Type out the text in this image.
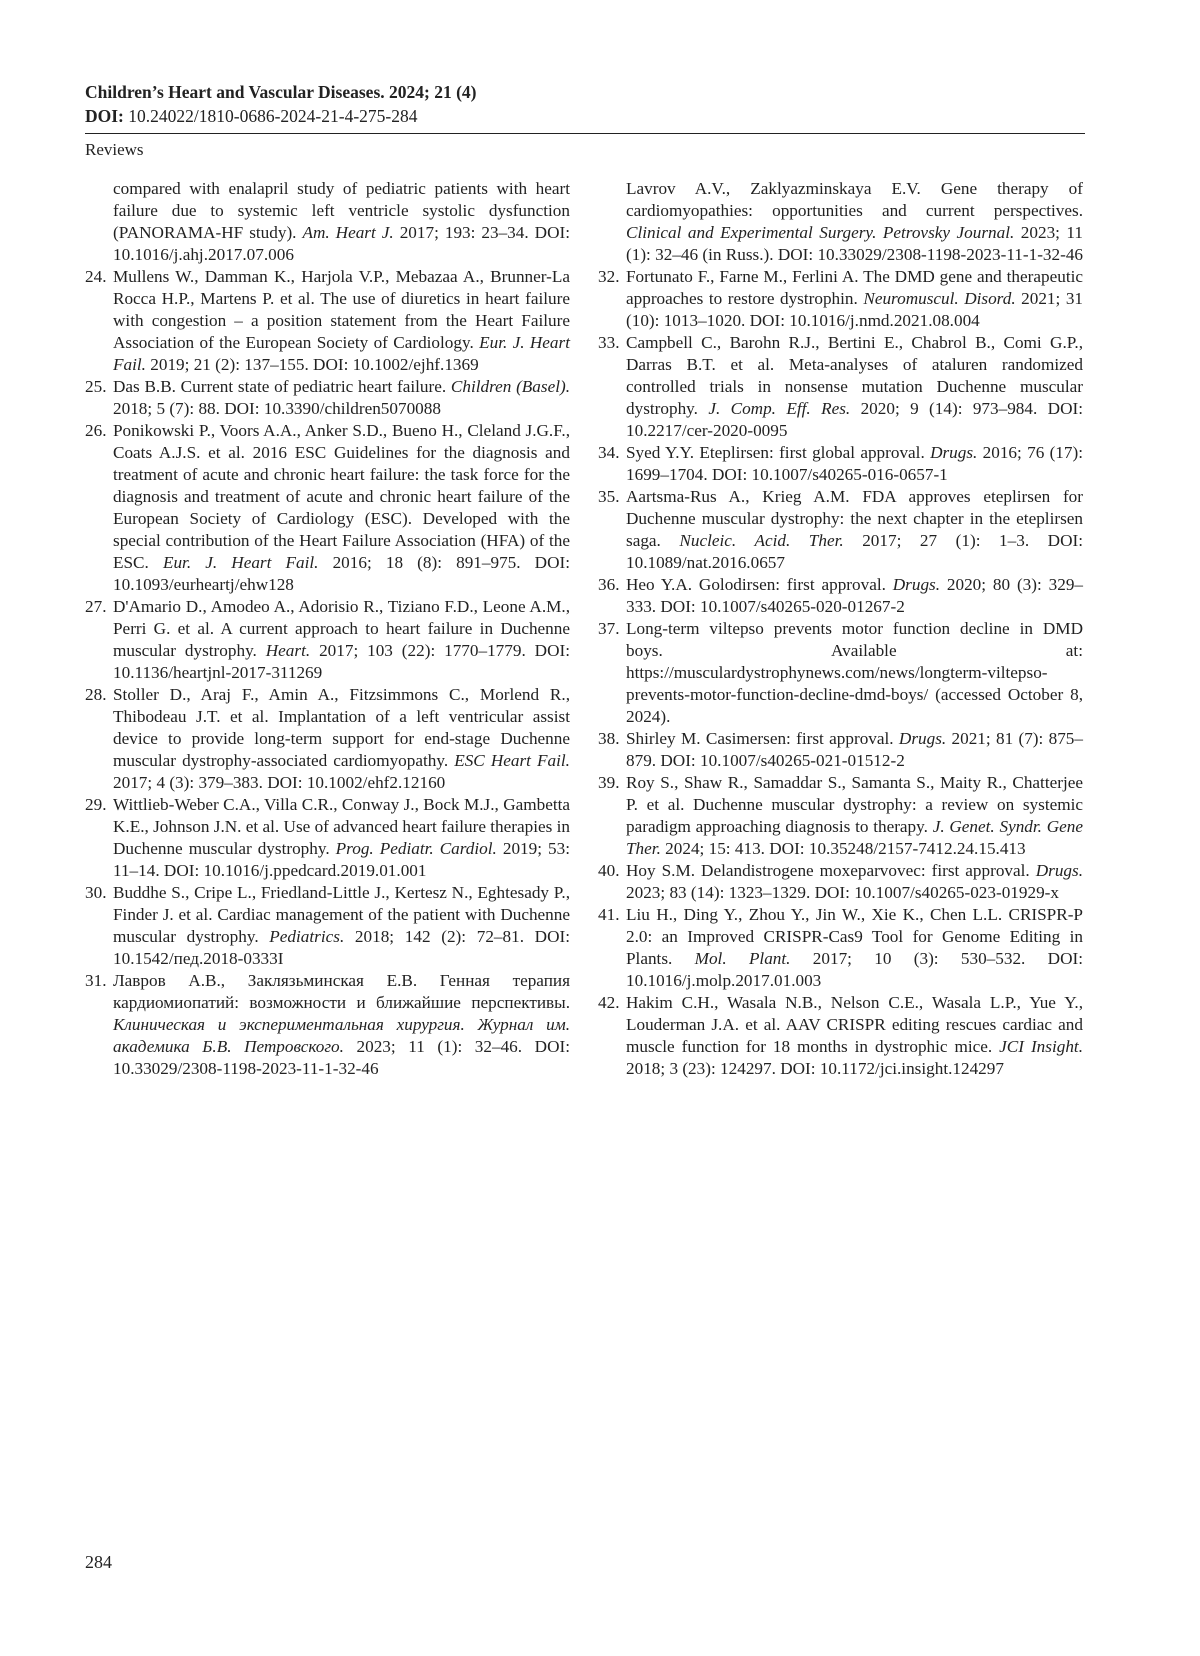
Children’s Heart and Vascular Diseases. 2024; 21 (4)
DOI: 10.24022/1810-0686-2024-21-4-275-284
Reviews
compared with enalapril study of pediatric patients with heart failure due to systemic left ventricle systolic dysfunction (PANORAMA-HF study). Am. Heart J. 2017; 193: 23–34. DOI: 10.1016/j.ahj.2017.07.006
24. Mullens W., Damman K., Harjola V.P., Mebazaa A., Brunner-La Rocca H.P., Martens P. et al. The use of diuretics in heart failure with congestion – a position statement from the Heart Failure Association of the European Society of Cardiology. Eur. J. Heart Fail. 2019; 21 (2): 137–155. DOI: 10.1002/ejhf.1369
25. Das B.B. Current state of pediatric heart failure. Children (Basel). 2018; 5 (7): 88. DOI: 10.3390/children5070088
26. Ponikowski P., Voors A.A., Anker S.D., Bueno H., Cleland J.G.F., Coats A.J.S. et al. 2016 ESC Guidelines for the diagnosis and treatment of acute and chronic heart failure: the task force for the diagnosis and treatment of acute and chronic heart failure of the European Society of Cardiology (ESC). Developed with the special contribution of the Heart Failure Association (HFA) of the ESC. Eur. J. Heart Fail. 2016; 18 (8): 891–975. DOI: 10.1093/eurheartj/ehw128
27. D'Amario D., Amodeo A., Adorisio R., Tiziano F.D., Leone A.M., Perri G. et al. A current approach to heart failure in Duchenne muscular dystrophy. Heart. 2017; 103 (22): 1770–1779. DOI: 10.1136/heartjnl-2017-311269
28. Stoller D., Araj F., Amin A., Fitzsimmons C., Morlend R., Thibodeau J.T. et al. Implantation of a left ventricular assist device to provide long-term support for end-stage Duchenne muscular dystrophy-associated cardiomyopathy. ESC Heart Fail. 2017; 4 (3): 379–383. DOI: 10.1002/ehf2.12160
29. Wittlieb-Weber C.A., Villa C.R., Conway J., Bock M.J., Gambetta K.E., Johnson J.N. et al. Use of advanced heart failure therapies in Duchenne muscular dystrophy. Prog. Pediatr. Cardiol. 2019; 53: 11–14. DOI: 10.1016/j.ppedcard.2019.01.001
30. Buddhe S., Cripe L., Friedland-Little J., Kertesz N., Eghtesady P., Finder J. et al. Cardiac management of the patient with Duchenne muscular dystrophy. Pediatrics. 2018; 142 (2): 72–81. DOI: 10.1542/пед.2018-0333I
31. Лавров А.В., Заклязьминская Е.В. Генная терапия кардиомиопатий: возможности и ближайшие перспективы. Клиническая и экспериментальная хирургия. Журнал им. академика Б.В. Петровского. 2023; 11 (1): 32–46. DOI: 10.33029/2308-1198-2023-11-1-32-46
Lavrov A.V., Zaklyazminskaya E.V. Gene therapy of cardiomyopathies: opportunities and current perspectives. Clinical and Experimental Surgery. Petrovsky Journal. 2023; 11 (1): 32–46 (in Russ.). DOI: 10.33029/2308-1198-2023-11-1-32-46
32. Fortunato F., Farne M., Ferlini A. The DMD gene and therapeutic approaches to restore dystrophin. Neuromuscul. Disord. 2021; 31 (10): 1013–1020. DOI: 10.1016/j.nmd.2021.08.004
33. Campbell C., Barohn R.J., Bertini E., Chabrol B., Comi G.P., Darras B.T. et al. Meta-analyses of ataluren randomized controlled trials in nonsense mutation Duchenne muscular dystrophy. J. Comp. Eff. Res. 2020; 9 (14): 973–984. DOI: 10.2217/cer-2020-0095
34. Syed Y.Y. Eteplirsen: first global approval. Drugs. 2016; 76 (17): 1699–1704. DOI: 10.1007/s40265-016-0657-1
35. Aartsma-Rus A., Krieg A.M. FDA approves eteplirsen for Duchenne muscular dystrophy: the next chapter in the eteplirsen saga. Nucleic. Acid. Ther. 2017; 27 (1): 1–3. DOI: 10.1089/nat.2016.0657
36. Heo Y.A. Golodirsen: first approval. Drugs. 2020; 80 (3): 329–333. DOI: 10.1007/s40265-020-01267-2
37. Long-term viltepso prevents motor function decline in DMD boys. Available at: https://musculardystrophynews.com/news/longterm-viltepso-prevents-motor-function-decline-dmd-boys/ (accessed October 8, 2024).
38. Shirley M. Casimersen: first approval. Drugs. 2021; 81 (7): 875–879. DOI: 10.1007/s40265-021-01512-2
39. Roy S., Shaw R., Samaddar S., Samanta S., Maity R., Chatterjee P. et al. Duchenne muscular dystrophy: a review on systemic paradigm approaching diagnosis to therapy. J. Genet. Syndr. Gene Ther. 2024; 15: 413. DOI: 10.35248/2157-7412.24.15.413
40. Hoy S.M. Delandistrogene moxeparvovec: first approval. Drugs. 2023; 83 (14): 1323–1329. DOI: 10.1007/s40265-023-01929-x
41. Liu H., Ding Y., Zhou Y., Jin W., Xie K., Chen L.L. CRISPR-P 2.0: an Improved CRISPR-Cas9 Tool for Genome Editing in Plants. Mol. Plant. 2017; 10 (3): 530–532. DOI: 10.1016/j.molp.2017.01.003
42. Hakim C.H., Wasala N.B., Nelson C.E., Wasala L.P., Yue Y., Louderman J.A. et al. AAV CRISPR editing rescues cardiac and muscle function for 18 months in dystrophic mice. JCI Insight. 2018; 3 (23): 124297. DOI: 10.1172/jci.insight.124297
284
